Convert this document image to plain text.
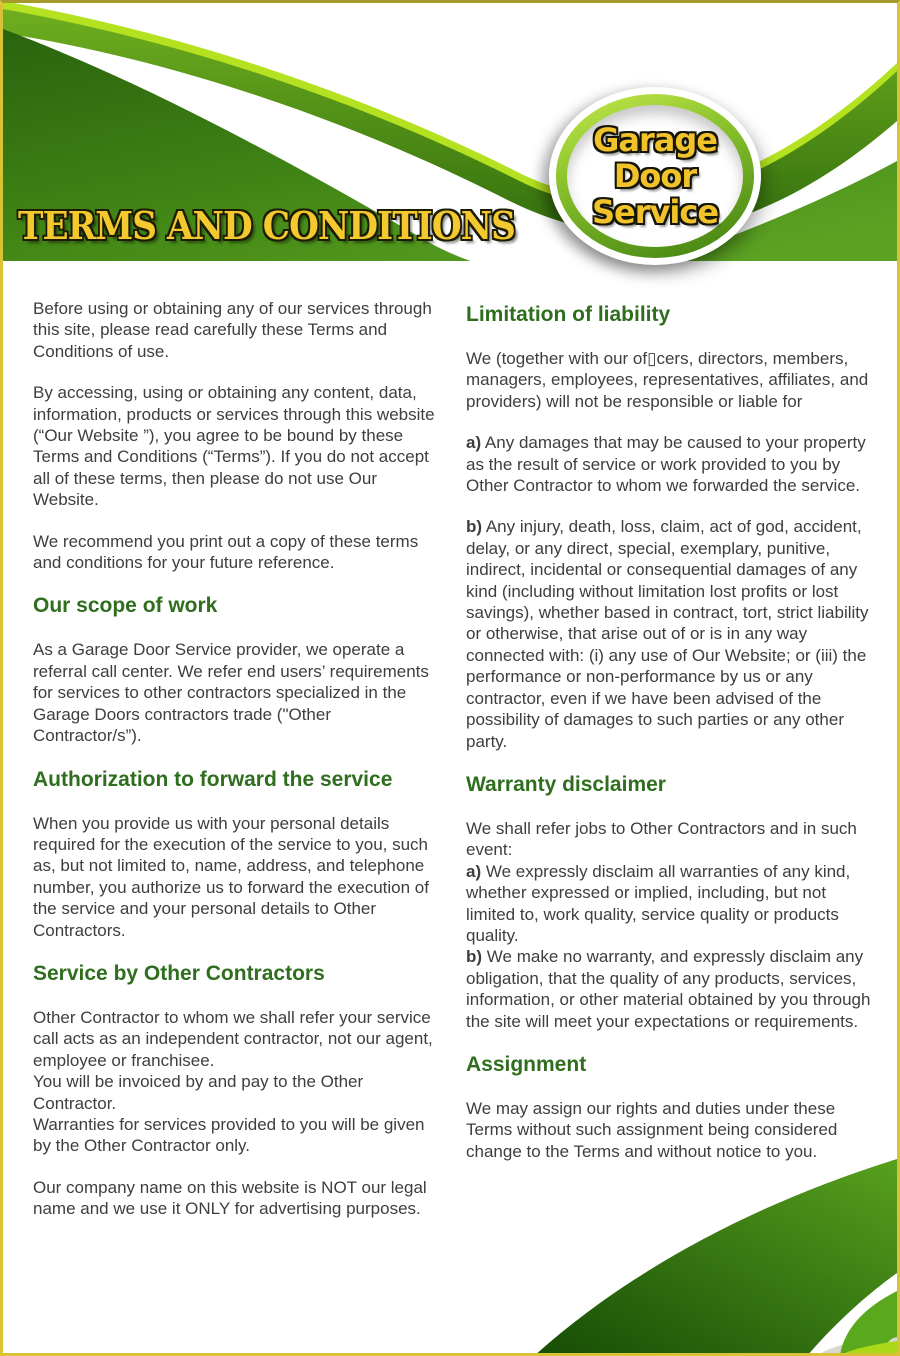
Garage
Door
Service
TERMS AND CONDITIONS

Before using or obtaining any of our services through this site, please read carefully these Terms and Conditions of use.

By accessing, using or obtaining any content, data, information, products or services through this website (“Our Website ”), you agree to be bound by these Terms and Conditions (“Terms”). If you do not accept all of these terms, then please do not use Our Website.

We recommend you print out a copy of these terms and conditions for your future reference.

Our scope of work

As a Garage Door Service provider, we operate a referral call center. We refer end users’ requirements for services to other contractors specialized in the Garage Doors contractors trade ("Other Contractor/s”).

Authorization to forward the service

When you provide us with your personal details required for the execution of the service to you, such as, but not limited to, name, address, and telephone number, you authorize us to forward the execution of the service and your personal details to Other Contractors.

Service by Other Contractors

Other Contractor to whom we shall refer your service call acts as an independent contractor, not our agent, employee or franchisee.
You will be invoiced by and pay to the Other Contractor.
Warranties for services provided to you will be given by the Other Contractor only.

Our company name on this website is NOT our legal name and we use it ONLY for advertising purposes.

Limitation of liability

We (together with our of▯cers, directors, members, managers, employees, representatives, affiliates, and providers) will not be responsible or liable for

a) Any damages that may be caused to your property as the result of service or work provided to you by Other Contractor to whom we forwarded the service.

b) Any injury, death, loss, claim, act of god, accident, delay, or any direct, special, exemplary, punitive, indirect, incidental or consequential damages of any kind (including without limitation lost profits or lost savings), whether based in contract, tort, strict liability or otherwise, that arise out of or is in any way connected with: (i) any use of Our Website; or (iii) the performance or non-performance by us or any contractor, even if we have been advised of the possibility of damages to such parties or any other party.

Warranty disclaimer

We shall refer jobs to Other Contractors and in such event:
a) We expressly disclaim all warranties of any kind, whether expressed or implied, including, but not limited to, work quality, service quality or products quality.
b) We make no warranty, and expressly disclaim any obligation, that the quality of any products, services, information, or other material obtained by you through the site will meet your expectations or requirements.

Assignment

We may assign our rights and duties under these Terms without such assignment being considered change to the Terms and without notice to you.
